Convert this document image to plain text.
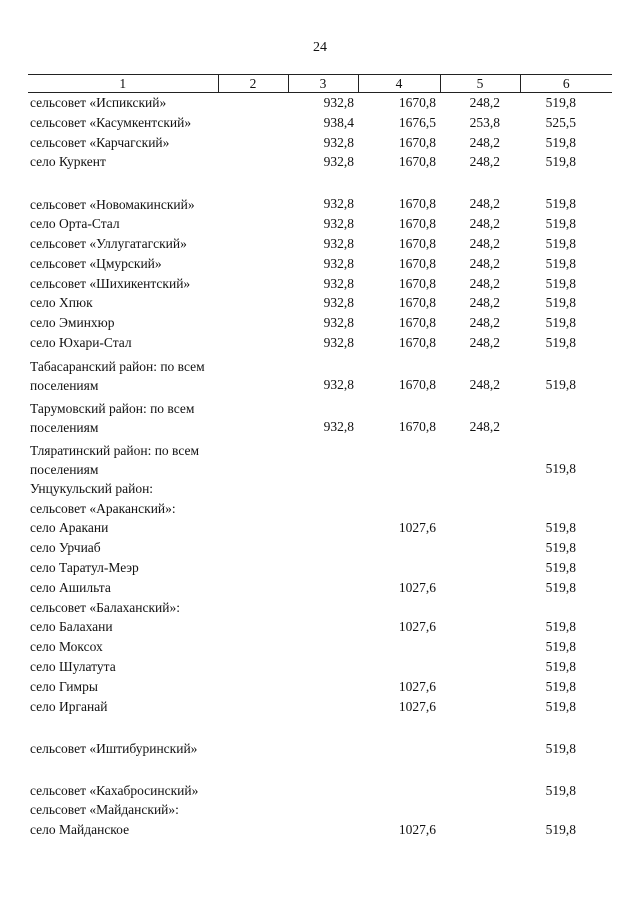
24
1	2	3	4	5	6
сельсовет «Испикский»		932,8	1670,8	248,2	519,8
сельсовет «Касумкентский»		938,4	1676,5	253,8	525,5
сельсовет «Карчагский»		932,8	1670,8	248,2	519,8
село Куркент		932,8	1670,8	248,2	519,8
сельсовет «Новомакинский»		932,8	1670,8	248,2	519,8
село Орта-Стал		932,8	1670,8	248,2	519,8
сельсовет «Уллугатагский»		932,8	1670,8	248,2	519,8
сельсовет «Цмурский»		932,8	1670,8	248,2	519,8
сельсовет «Шихикентский»		932,8	1670,8	248,2	519,8
село Хпюк		932,8	1670,8	248,2	519,8
село Эминхюр		932,8	1670,8	248,2	519,8
село Юхари-Стал		932,8	1670,8	248,2	519,8
Табасаранский район: по всем поселениям		932,8	1670,8	248,2	519,8
Тарумовский район: по всем поселениям		932,8	1670,8	248,2	
Тляратинский район: по всем поселениям					519,8
Унцукульский район:					
сельсовет «Араканский»:					
село Аракани			1027,6		519,8
село Урчиаб					519,8
село Таратул-Меэр					519,8
село Ашильта			1027,6		519,8
сельсовет «Балаханский»:					
село Балахани			1027,6		519,8
село Моксох					519,8
село Шулатута					519,8
село Гимры			1027,6		519,8
село Ирганай			1027,6		519,8
сельсовет «Иштибуринский»					519,8
сельсовет «Кахабросинский»					519,8
сельсовет «Майданский»:					
село Майданское			1027,6		519,8
